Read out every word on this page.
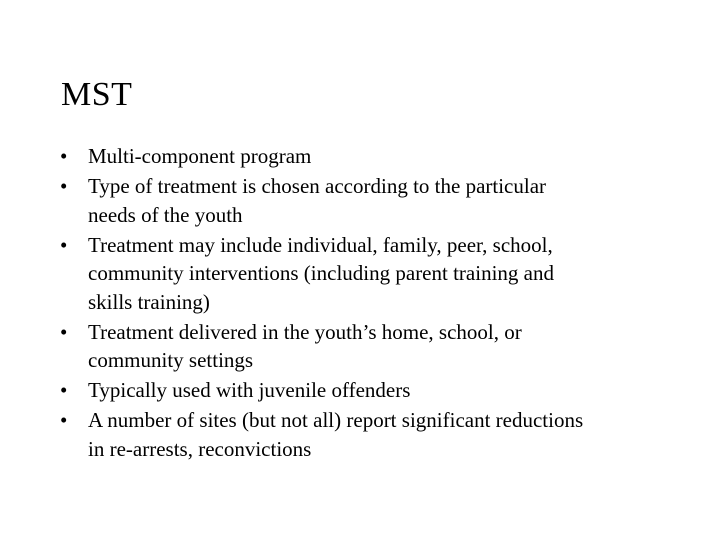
MST
• Multi-component program
• Type of treatment is chosen according to the particular
needs of the youth
• Treatment may include individual, family, peer, school,
community interventions (including parent training and
skills training)
• Treatment delivered in the youth’s home, school, or
community settings
• Typically used with juvenile offenders
• A number of sites (but not all) report significant reductions
in re-arrests, reconvictions
